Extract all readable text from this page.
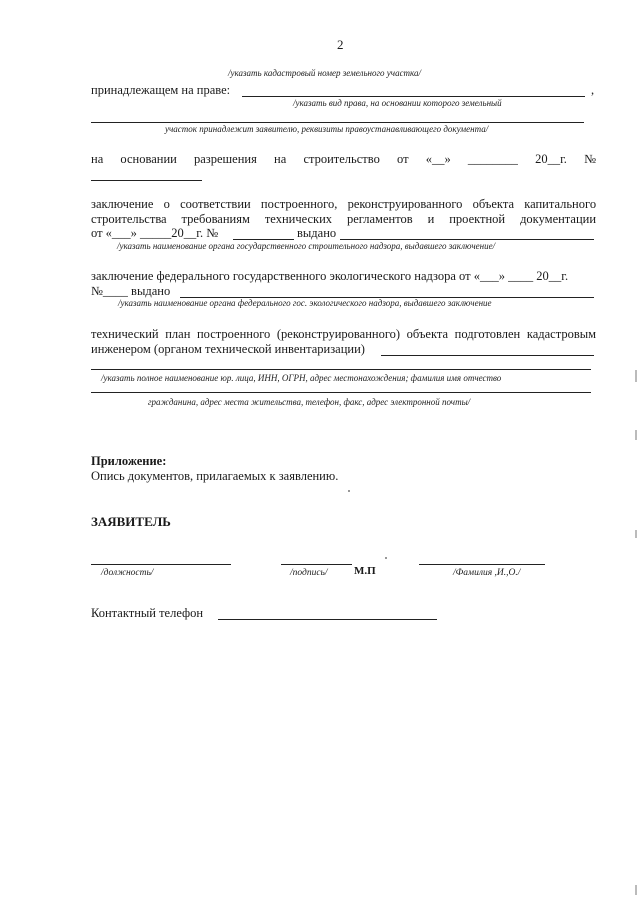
2
/указать кадастровый номер земельного участка/
принадлежащем на праве:	,
/указать вид права, на основании которого земельный
участок принадлежит заявителю, реквизиты правоустанавливающего документа/
на основании разрешения на строительство от «__» ________ 20__г. №
заключение о соответствии построенного, реконструированного объекта капитального
строительства требованиям технических регламентов и проектной документации
от «___» _____20__г. №	выдано
/указать наименование органа государственного строительного надзора, выдавшего заключение/
заключение федерального государственного экологического надзора от «___» ____ 20__г.
№____ выдано
/указать наименование органа федерального гос. экологического надзора, выдавшего заключение
технический план построенного (реконструированного) объекта подготовлен кадастровым
инженером (органом технической инвентаризации)
/указать полное наименование юр. лица, ИНН, ОГРН, адрес местонахождения; фамилия имя отчество
гражданина, адрес места жительства, телефон, факс, адрес электронной почты/
Приложение:
Опись документов, прилагаемых к заявлению.
ЗАЯВИТЕЛЬ
/должность/	/подпись/ М.П	/Фамилия ,И.,О./
Контактный телефон
